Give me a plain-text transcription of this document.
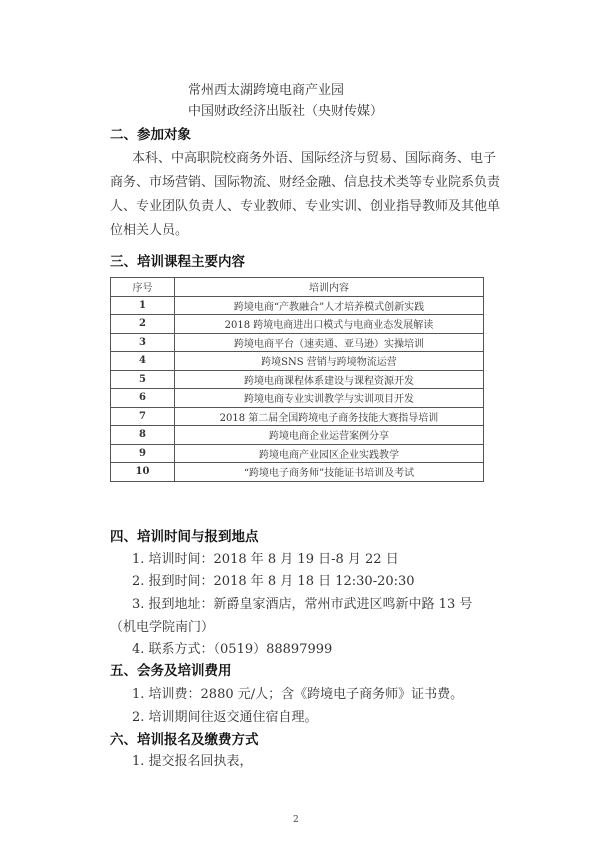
常州西太湖跨境电商产业园
中国财政经济出版社（央财传媒）
二、参加对象
本科、中高职院校商务外语、国际经济与贸易、国际商务、电子
商务、市场营销、国际物流、财经金融、信息技术类等专业院系负责
人、专业团队负责人、专业教师、专业实训、创业指导教师及其他单
位相关人员。
三、培训课程主要内容
序号	培训内容
1	跨境电商“产教融合”人才培养模式创新实践
2	2018 跨境电商进出口模式与电商业态发展解读
3	跨境电商平台（速卖通、亚马逊）实操培训
4	跨境SNS 营销与跨境物流运营
5	跨境电商课程体系建设与课程资源开发
6	跨境电商专业实训教学与实训项目开发
7	2018 第二届全国跨境电子商务技能大赛指导培训
8	跨境电商企业运营案例分享
9	跨境电商产业园区企业实践教学
10	“跨境电子商务师”技能证书培训及考试
四、培训时间与报到地点
1. 培训时间：2018 年 8 月 19 日-8 月 22 日
2. 报到时间：2018 年 8 月 18 日 12:30-20:30
3. 报到地址：新爵皇家酒店，常州市武进区鸣新中路 13 号
（机电学院南门）
4. 联系方式：（0519）88897999
五、会务及培训费用
1. 培训费：2880 元/人；含《跨境电子商务师》证书费。
2. 培训期间往返交通住宿自理。
六、培训报名及缴费方式
1. 提交报名回执表，
2
